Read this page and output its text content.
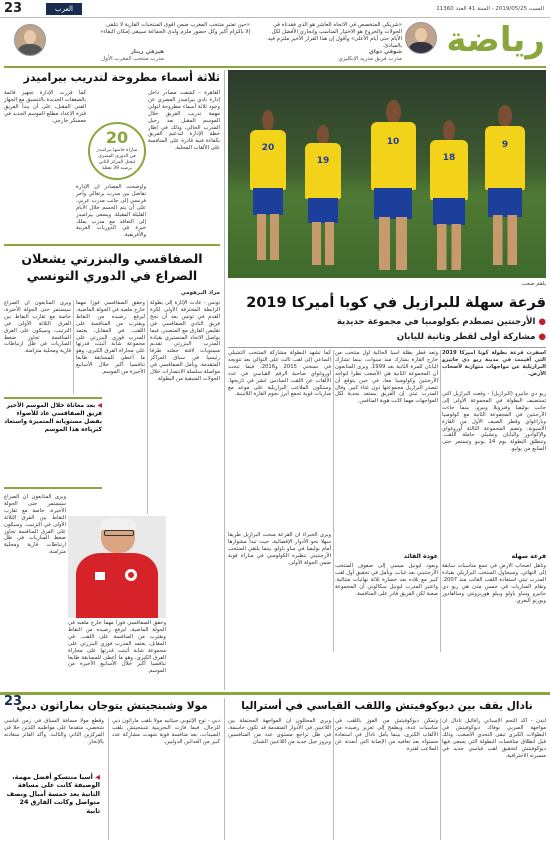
23	العرب	السبت 2019/05/25 - السنة 41 العدد 11360
رياضة
«شريكي المتخصص في الاتجاه العاشر هو الذي فقدناه في الجولات والخروج هو الاختيار المناسب وإنجازي الأفضل لكل الأيام حتى أيام الأعلى» وأقول إن هذا القرار الأخير ملتزم فيه بالمبادئ.
شوقي دواي
مدرب فريق مدريد الإنكليزي
«حين تعتبر منتخب المغرب ضمن أقوى المنتخبات القارية لا نتلقى إلا بالتزام أكبر وكل حضور ملزم ولدى الجماعة سيبقى إمكان البقاء»
هيرفي رينار
مدرب منتخب المغرب الأول
20
19
10
18
9
بلقم صعب
قرعة سهلة للبرازيل في كوبا أميركا 2019
● الأرجنتين تصطدم بكولومبيا في مجموعة حديدية
● مشاركة أولى لقطر وثانية لليابان
أسفرت قرعة بطولة كوبا أميركا 2019 التي أقيمت في مدينة ريو دي جانيرو البرازيلية عن مواجهات متوازنة لأصحاب الأرض.
ريو دي جانيرو (البرازيل) - وقعت البرازيل التي تستضيف البطولة في المجموعة الأولى إلى جانب بوليفيا وفنزويلا وبيرو، بينما جاءت الأرجنتين في المجموعة الثانية مع كولومبيا وباراغواي وقطر الضيف الأول من القارة الآسيوية. وتضم المجموعة الثالثة أوروغواي والإكوادور واليابان وتشيلي حاملة اللقب. وتنطلق البطولة يوم 14 يونيو وتستمر حتى السابع من يوليو.
قرعة سهلة
وتأهل أصحاب الأرض في تسع مناسبات سابقة إلى النهائي، وسيحاول المنتخب البرازيلي بقيادة المدرب تيتي استعادة اللقب الغائب منذ 2007. وتقام المباريات في خمس مدن هي ريو دي جانيرو وساو باولو وبيلو هوريزونتي وسالفادور وبورتو أليغري.
وتعد قطر بطلة آسيا الحالية أول منتخب من خارج القارة يشارك منذ سنوات، بينما تشارك اليابان للمرة الثانية بعد 1999. ويرى المتابعون أن المجموعة الثانية هي الأصعب نظرا لتواجد الأرجنتين وكولومبيا معا، في حين يتوقع أن تتصدر البرازيل مجموعتها دون عناء كبير. وقال المدرب تيتي إن الفريق يستعد بجدية لكل المواجهات مهما كانت هوية المنافس.
عودة القائد
ويعود ليونيل ميسي إلى صفوف المنتخب الأرجنتيني بعد غياب، ويأمل في تحقيق أول لقب كبير مع بلاده بعد خسارة ثلاثة نهائيات متتالية. واعتبر المدرب ليونيل سكالوني أن المجموعة صعبة لكن الفريق قادر على المنافسة.
كما تشهد البطولة مشاركة المنتخب التشيلي الساعي إلى لقب ثالث على التوالي بعد تتويجه في نسختي 2015 و2016، فيما تبحث أوروغواي صاحبة الرقم القياسي في عدد الألقاب عن اللقب السادس عشر في تاريخها. وستكون الملاعب البرازيلية على موعد مع مباريات قوية تجمع أبرز نجوم القارة اللاتينية.
ويرى الخبراء أن القرعة منحت البرازيل طريقا سهلا نحو الأدوار الإقصائية، حيث تبدأ مشوارها أمام بوليفيا في ساو باولو، بينما يلتقي المنتخب الأرجنتيني بنظيره الكولومبي في مباراة قوية ضمن الجولة الأولى.
ثلاثة أسماء مطروحة لتدريب بيراميدز
القاهرة - كشفت مصادر داخل إدارة نادي بيراميدز المصري عن وجود ثلاثة أسماء مطروحة لتولي مهمة تدريب الفريق خلال الموسم المقبل بعد رحيل المدرب الحالي، وذلك في إطار خطة الإدارة لتدعيم الفريق بكفاءة فنية قادرة على المنافسة على الألقاب المحلية.
وأوضحت المصادر أن الإدارة تفاضل بين مدرب برتغالي وآخر فرنسي إلى جانب مدرب عربي، على أن يتم الحسم خلال الأيام القليلة المقبلة. ويسعى بيراميدز إلى التعاقد مع مدرب يملك خبرة في الدوريات العربية والأفريقية.
كما قررت الإدارة تجهيز قائمة بالصفقات الجديدة بالتنسيق مع الجهاز الفني المقبل، على أن يبدأ الفريق فترة الإعداد مطلع الموسم الجديد في معسكر خارجي.
20
مباراة خاضها بيراميدز في الدوري المصري ليحتل المركز الثاني برصيد 39 نقطة
الصفاقسي والبنزرتي يشعلان الصراع في الدوري التونسي
مراد البرهومي
تونس - عادت الإثارة إلى بطولة الرابطة المحترفة الأولى لكرة القدم في تونس بعد أن نجح فريق النادي الصفاقسي في تقليص الفارق مع المتصدر، فيما يواصل الاتحاد المنستيري بقيادة المدرب البنزرتي تقديم مستويات لافتة جعلته طرفا رئيسيا في سباق المراكز المتقدمة. ويأمل الصفاقسي في مواصلة سلسلة الانتصارات خلال الجولات المتبقية من البطولة.
وحقق الصفاقسي فوزا مهما خارج ملعبه في الجولة الماضية، ليرفع رصيده من النقاط ويقترب من المنافسة على اللقب. في المقابل، يعتمد المدرب فوزي البنزرتي على مجموعة شابة أثبتت قدرتها على مجاراة الفرق الكبرى، وهو ما أعطى للمسابقة طابعا تنافسيا أكبر خلال الأسابيع الأخيرة من الموسم.
ويرى المتابعون أن الصراع سيستمر حتى الجولة الأخيرة، خاصة مع تقارب النقاط بين الفرق الثلاثة الأولى في الترتيب. وسيكون على الفرق المنافسة تجاوز ضغط المباريات في ظل ارتباطات قارية ومحلية متزامنة.

◀ بعد معاناة خلال الموسم الأخير فريق الصفاقسي عاد للأضواء بفضل مستوياته المتميزة واستعاد كبرياءه هذا الموسم

ويرى المتابعون أن الصراع سيستمر حتى الجولة الأخيرة، خاصة مع تقارب النقاط بين الفرق الثلاثة الأولى في الترتيب. وسيكون على الفرق المنافسة تجاوز ضغط المباريات في ظل ارتباطات قارية ومحلية متزامنة.
وحقق الصفاقسي فوزا مهما خارج ملعبه في الجولة الماضية، ليرفع رصيده من النقاط ويقترب من المنافسة على اللقب. في المقابل، يعتمد المدرب فوزي البنزرتي على مجموعة شابة أثبتت قدرتها على مجاراة الفرق الكبرى، وهو ما أعطى للمسابقة طابعا تنافسيا أكبر خلال الأسابيع الأخيرة من الموسم.
23	نادال يقف بين ديوكوفيتش واللقب القياسي في أستراليا
لندن - أكد النجم الإسباني رافائيل نادال أن مواجهة الصربي نوفاك ديوكوفيتش في البطولات الكبرى تبقى التحدي الأصعب، وذلك قبل انطلاق منافسات البطولة التي يسعى فيها ديوكوفيتش لتحقيق لقب قياسي جديد في مسيرته الاحترافية.
وتمكن ديوكوفيتش من الفوز باللقب في مناسبات عدة، ويطمح إلى تعزيز رصيده من الألقاب الكبرى، بينما يأمل نادال في استعادة مستواه بعد تعافيه من الإصابة التي أبعدته عن الملاعب لفترة.
ويرى المحللون أن المواجهة المحتملة بين اللاعبين في الأدوار المتقدمة قد تكون حاسمة، في ظل تراجع مستوى عدد من المنافسين وبروز جيل جديد من اللاعبين الشبان.
مولا وشبنجيتش يتوجان بماراثون دبي
دبي - توج الإثيوبي جيتانيه مولا بلقب ماراثون دبي للرجال، فيما فازت البحرينية شبنجيتش بلقب السيدات، بعد منافسة قوية شهدت مشاركة عدد كبير من العدائين الدوليين.
وقطع مولا مسافة السباق في زمن قياسي شخصي، متقدما على مواطنيه اللذين حلا في المركزين الثاني والثالث. وأكد الفائز سعادته بالإنجاز.

◀ أسيا منتسكو أفضل مهمة، الوصيفة كانت على مسافة الثانية بعد خمسة أميال ونصف متواصل وكانت الفارق 24 ثانية
